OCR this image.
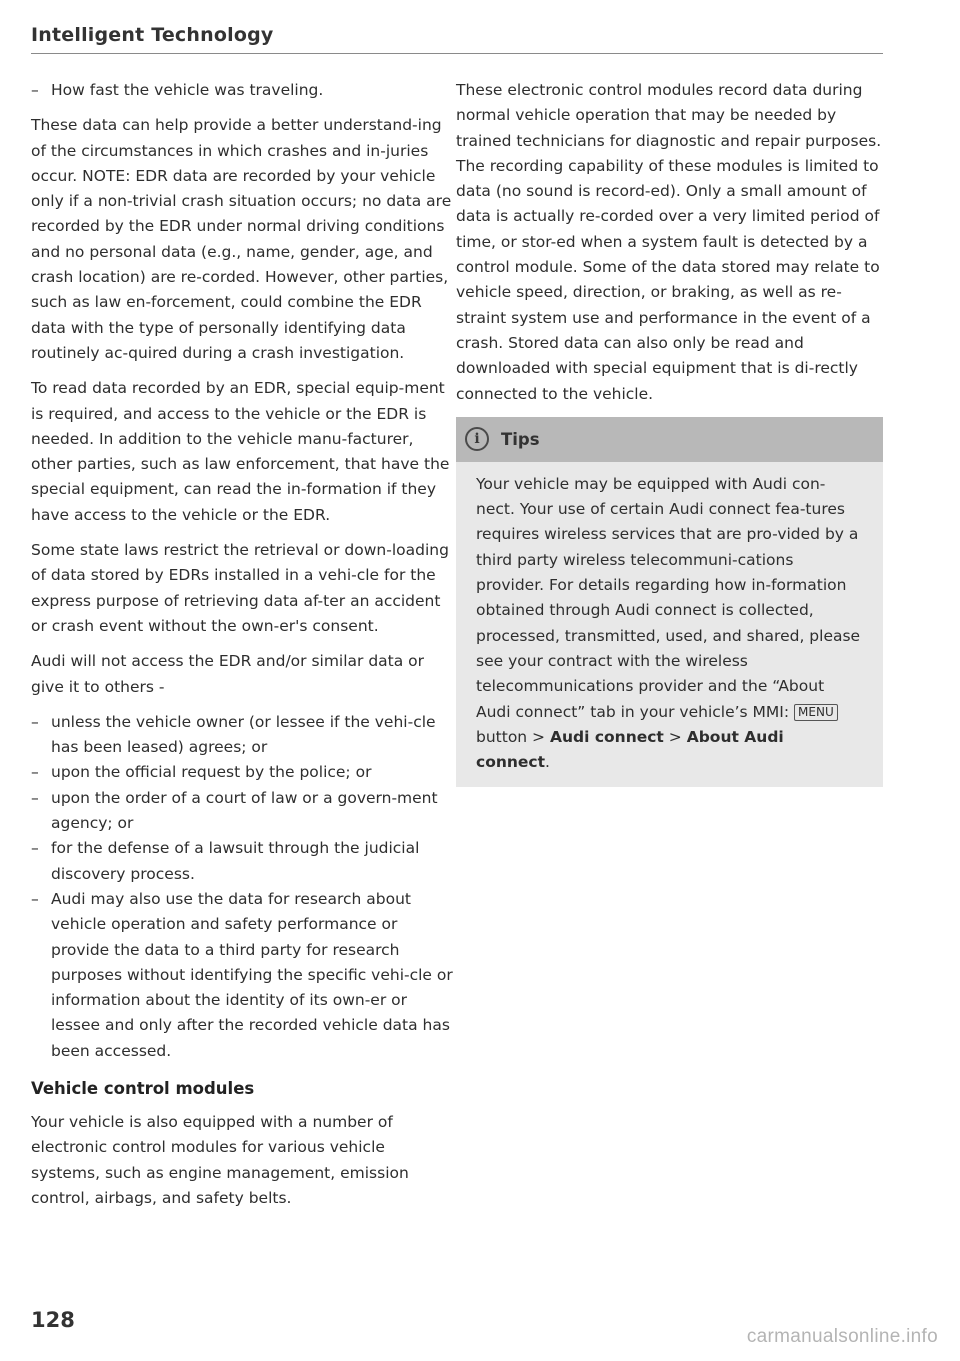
Intelligent Technology
– How fast the vehicle was traveling.

These data can help provide a better understand-ing of the circumstances in which crashes and in-juries occur. NOTE: EDR data are recorded by your vehicle only if a non-trivial crash situation occurs; no data are recorded by the EDR under normal driving conditions and no personal data (e.g., name, gender, age, and crash location) are re-corded. However, other parties, such as law en-forcement, could combine the EDR data with the type of personally identifying data routinely ac-quired during a crash investigation.

To read data recorded by an EDR, special equip-ment is required, and access to the vehicle or the EDR is needed. In addition to the vehicle manu-facturer, other parties, such as law enforcement, that have the special equipment, can read the in-formation if they have access to the vehicle or the EDR.

Some state laws restrict the retrieval or down-loading of data stored by EDRs installed in a vehi-cle for the express purpose of retrieving data af-ter an accident or crash event without the own-er's consent.

Audi will not access the EDR and/or similar data or give it to others -

– unless the vehicle owner (or lessee if the vehi-cle has been leased) agrees; or
– upon the official request by the police; or
– upon the order of a court of law or a govern-ment agency; or
– for the defense of a lawsuit through the judicial discovery process.
– Audi may also use the data for research about vehicle operation and safety performance or provide the data to a third party for research purposes without identifying the specific vehi-cle or information about the identity of its own-er or lessee and only after the recorded vehicle data has been accessed.
Vehicle control modules

Your vehicle is also equipped with a number of electronic control modules for various vehicle systems, such as engine management, emission control, airbags, and safety belts.

These electronic control modules record data during normal vehicle operation that may be needed by trained technicians for diagnostic and repair purposes. The recording capability of these modules is limited to data (no sound is record-ed). Only a small amount of data is actually re-corded over a very limited period of time, or stor-ed when a system fault is detected by a control module. Some of the data stored may relate to vehicle speed, direction, or braking, as well as re-straint system use and performance in the event of a crash. Stored data can also only be read and downloaded with special equipment that is di-rectly connected to the vehicle.

i	Tips
Your vehicle may be equipped with Audi con-nect. Your use of certain Audi connect fea-tures requires wireless services that are pro-vided by a third party wireless telecommuni-cations provider. For details regarding how in-formation obtained through Audi connect is collected, processed, transmitted, used, and shared, please see your contract with the wireless telecommunications provider and the “About Audi connect” tab in your vehicle’s MMI: MENU button > Audi connect > About Audi connect.
128
carmanualsonline.info
